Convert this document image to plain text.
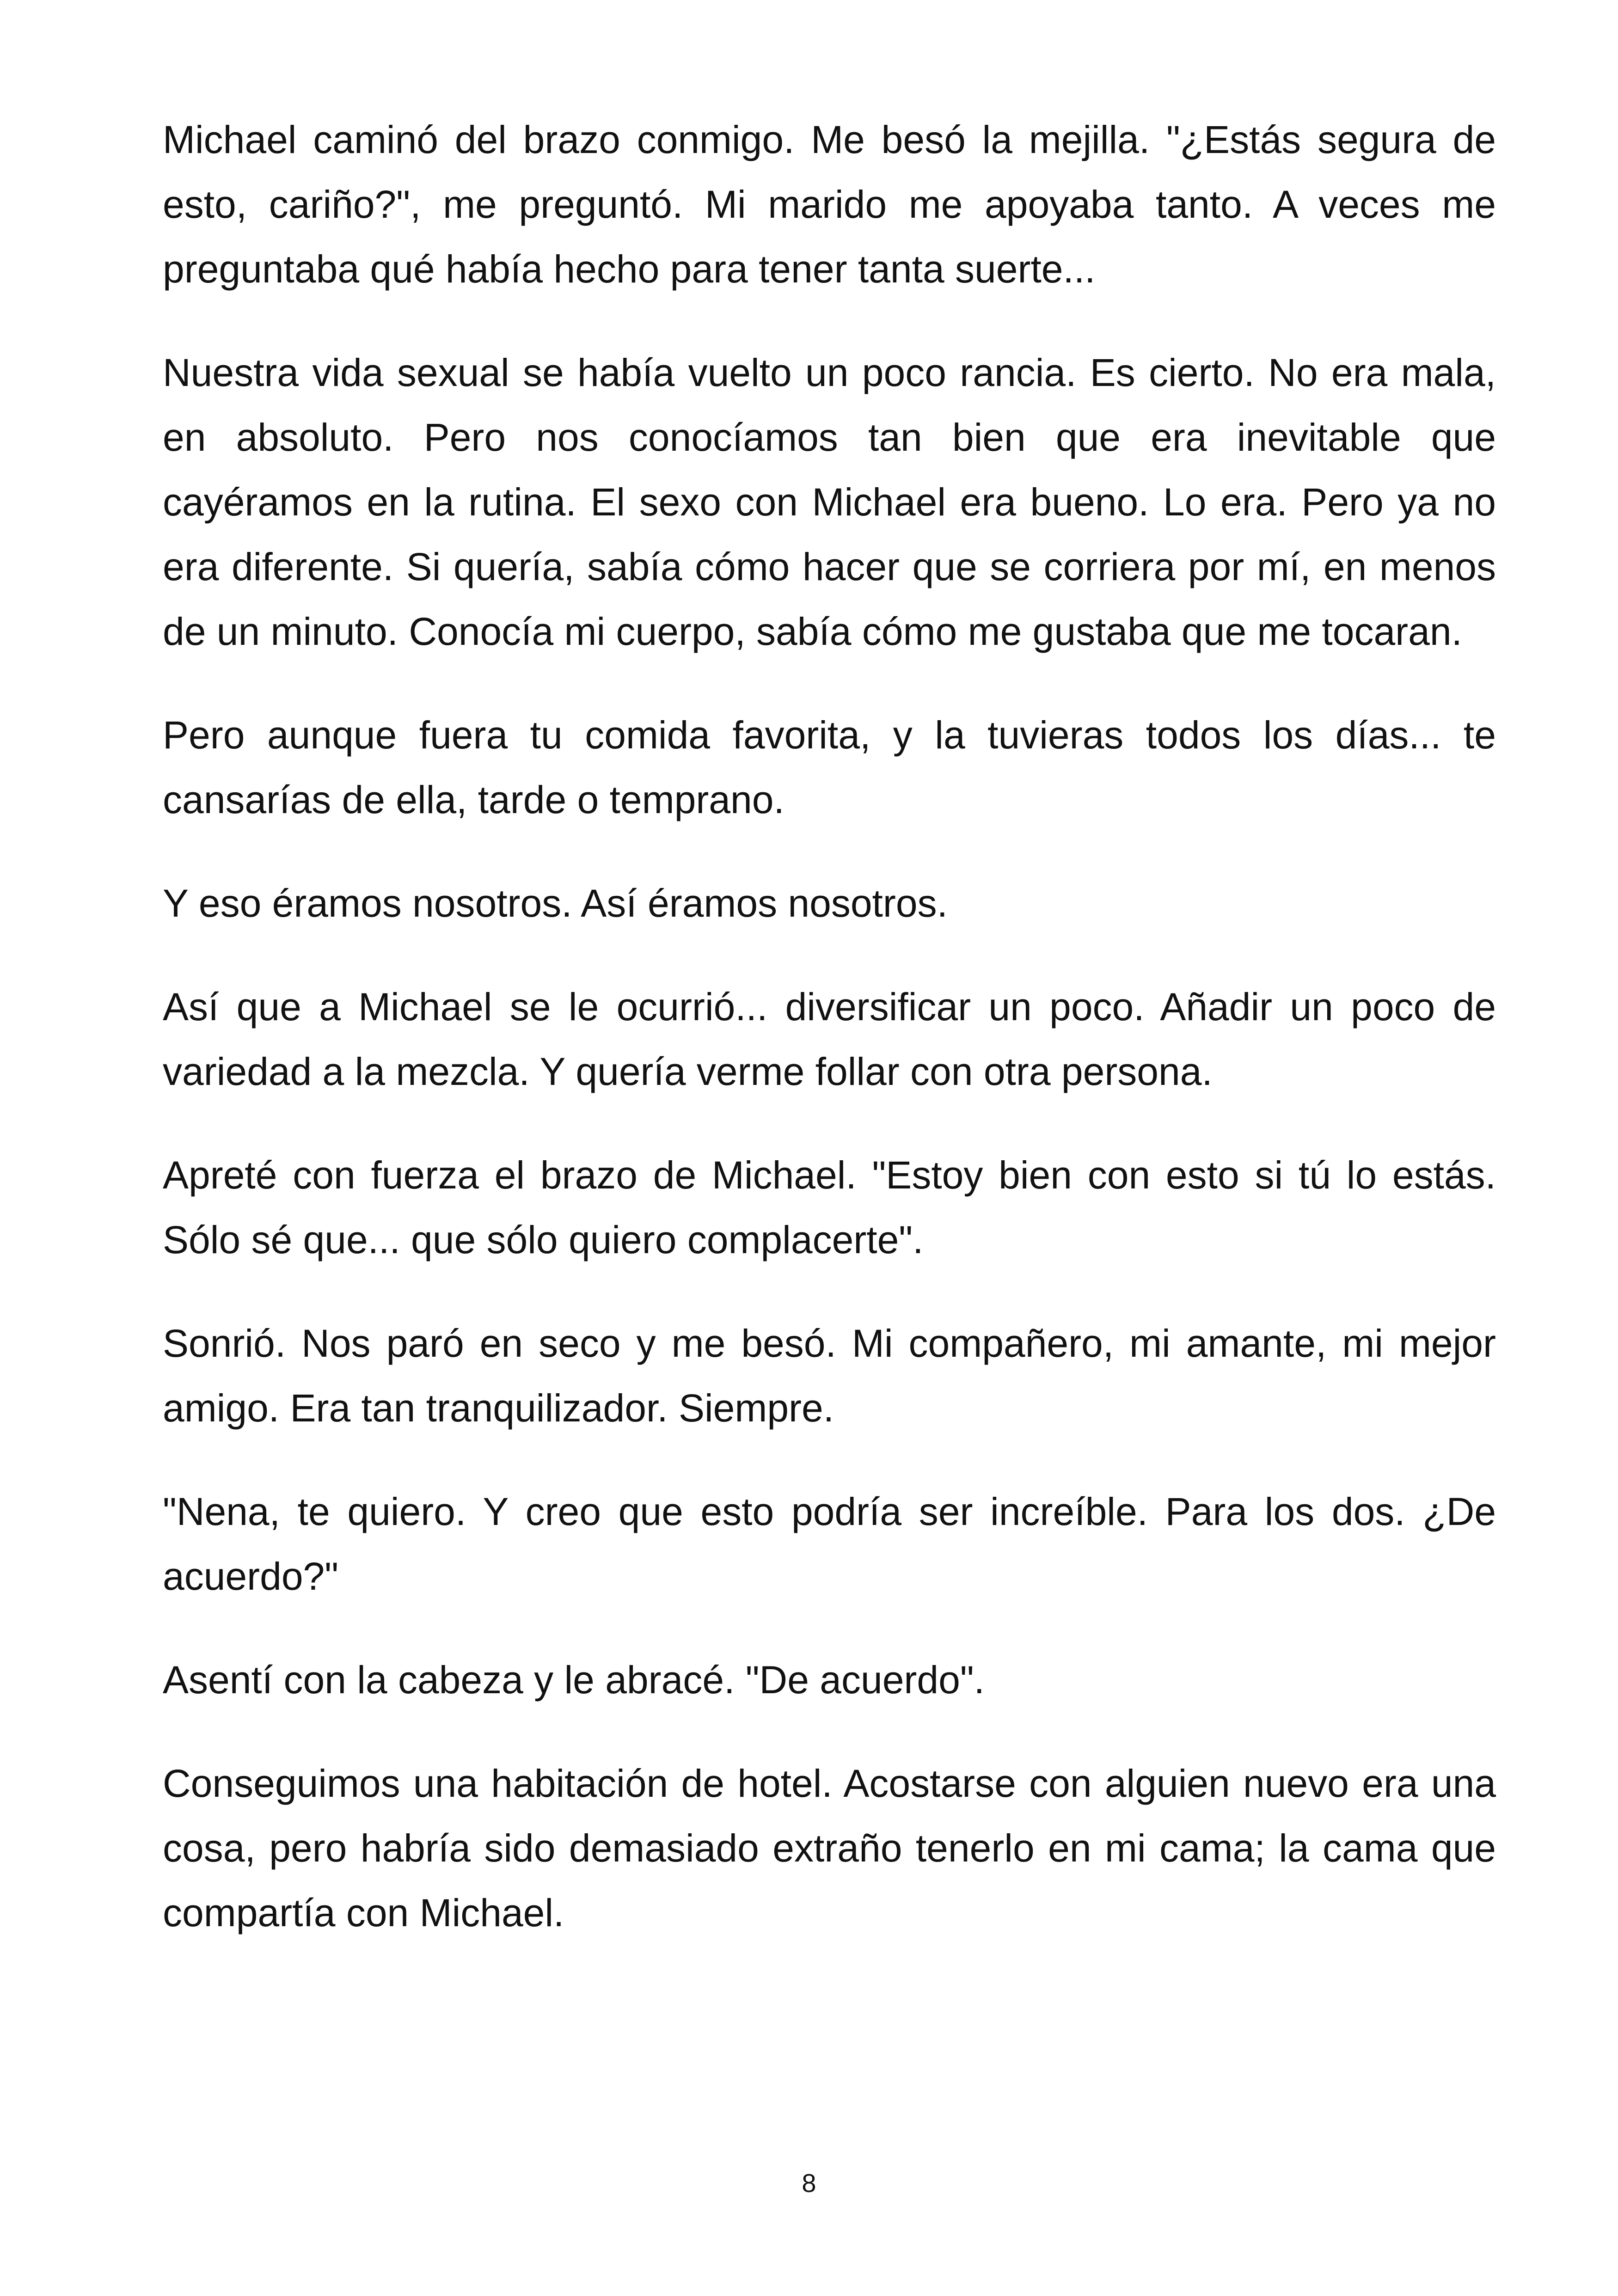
Michael caminó del brazo conmigo. Me besó la mejilla. "¿Estás segura de esto, cariño?", me preguntó. Mi marido me apoyaba tanto. A veces me preguntaba qué había hecho para tener tanta suerte...

Nuestra vida sexual se había vuelto un poco rancia. Es cierto. No era mala, en absoluto. Pero nos conocíamos tan bien que era inevitable que cayéramos en la rutina. El sexo con Michael era bueno. Lo era. Pero ya no era diferente. Si quería, sabía cómo hacer que se corriera por mí, en menos de un minuto. Conocía mi cuerpo, sabía cómo me gustaba que me tocaran.

Pero aunque fuera tu comida favorita, y la tuvieras todos los días... te cansarías de ella, tarde o temprano.

Y eso éramos nosotros. Así éramos nosotros.

Así que a Michael se le ocurrió... diversificar un poco. Añadir un poco de variedad a la mezcla. Y quería verme follar con otra persona.

Apreté con fuerza el brazo de Michael. "Estoy bien con esto si tú lo estás. Sólo sé que... que sólo quiero complacerte".

Sonrió. Nos paró en seco y me besó. Mi compañero, mi amante, mi mejor amigo. Era tan tranquilizador. Siempre.

"Nena, te quiero. Y creo que esto podría ser increíble. Para los dos. ¿De acuerdo?"

Asentí con la cabeza y le abracé. "De acuerdo".

Conseguimos una habitación de hotel. Acostarse con alguien nuevo era una cosa, pero habría sido demasiado extraño tenerlo en mi cama; la cama que compartía con Michael.

8
